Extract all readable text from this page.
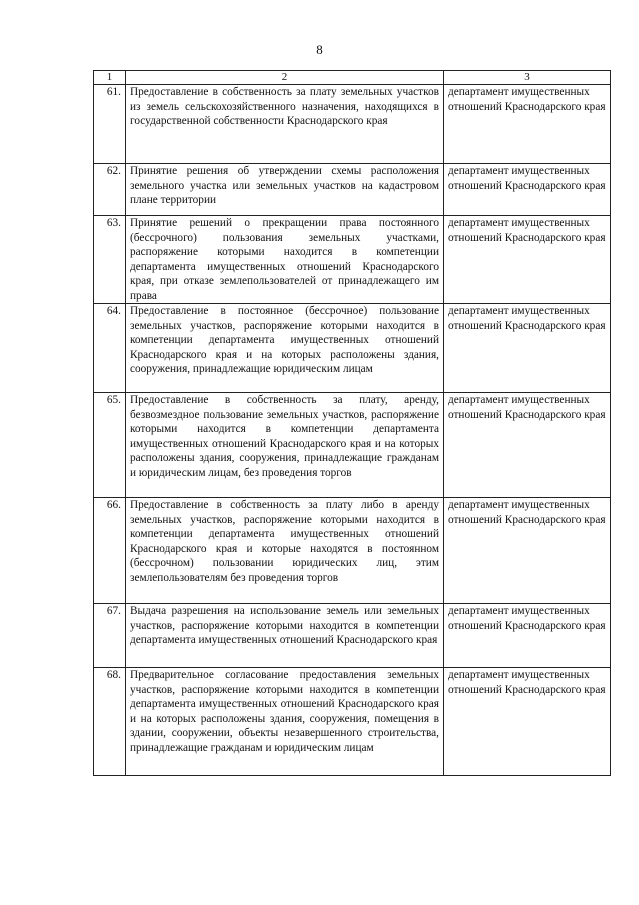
8
1	2	3
61.	Предоставление в собственность за плату земельных участков из земель сельскохозяйственного назначения, находящихся в государственной собственности Краснодарского края	департамент имущественных отношений Краснодарского края
62.	Принятие решения об утверждении схемы расположения земельного участка или земельных участков на кадастровом плане территории	департамент имущественных отношений Краснодарского края
63.	Принятие решений о прекращении права постоянного (бессрочного) пользования земельных участками, распоряжение которыми находится в компетенции департамента имущественных отношений Краснодарского края, при отказе землепользователей от принадлежащего им права	департамент имущественных отношений Краснодарского края
64.	Предоставление в постоянное (бессрочное) пользование земельных участков, распоряжение которыми находится в компетенции департамента имущественных отношений Краснодарского края и на которых расположены здания, сооружения, принадлежащие юридическим лицам	департамент имущественных отношений Краснодарского края
65.	Предоставление в собственность за плату, аренду, безвозмездное пользование земельных участков, распоряжение которыми находится в компетенции департамента имущественных отношений Краснодарского края и на которых расположены здания, сооружения, принадлежащие гражданам и юридическим лицам, без проведения торгов	департамент имущественных отношений Краснодарского края
66.	Предоставление в собственность за плату либо в аренду земельных участков, распоряжение которыми находится в компетенции департамента имущественных отношений Краснодарского края и которые находятся в постоянном (бессрочном) пользовании юридических лиц, этим землепользователям без проведения торгов	департамент имущественных отношений Краснодарского края
67.	Выдача разрешения на использование земель или земельных участков, распоряжение которыми находится в компетенции департамента имущественных отношений Краснодарского края	департамент имущественных отношений Краснодарского края
68.	Предварительное согласование предоставления земельных участков, распоряжение которыми находится в компетенции департамента имущественных отношений Краснодарского края и на которых расположены здания, сооружения, помещения в здании, сооружении, объекты незавершенного строительства, принадлежащие гражданам и юридическим лицам	департамент имущественных отношений Краснодарского края
